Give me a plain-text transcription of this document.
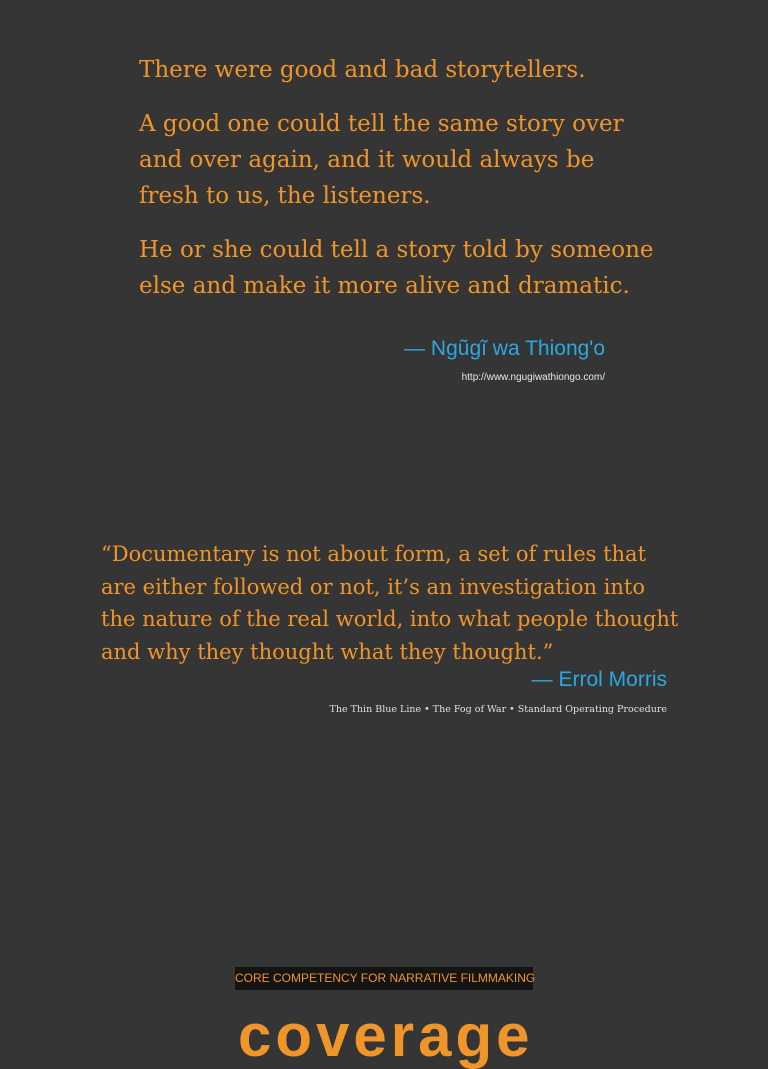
There were good and bad storytellers.

A good one could tell the same story over and over again, and it would always be fresh to us, the listeners.

He or she could tell a story told by someone else and make it more alive and dramatic.

— Ngũgĩ wa Thiong'o
http://www.ngugiwathiongo.com/

“Documentary is not about form, a set of rules that are either followed or not, it’s an investigation into the nature of the real world, into what people thought and why they thought what they thought.”

— Errol Morris
The Thin Blue Line • The Fog of War • Standard Operating Procedure
CORE COMPETENCY FOR NARRATIVE FILMMAKING
coverage
